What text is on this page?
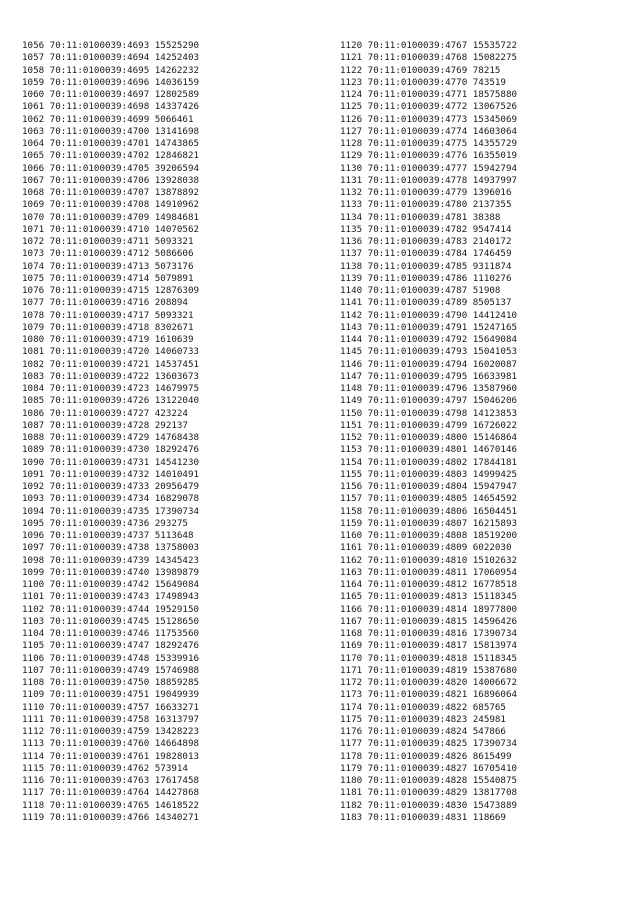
1056 70:11:0100039:4693 15525290
1057 70:11:0100039:4694 14252403
1058 70:11:0100039:4695 14262232
1059 70:11:0100039:4696 14036159
1060 70:11:0100039:4697 12802589
1061 70:11:0100039:4698 14337426
1062 70:11:0100039:4699 5066461
1063 70:11:0100039:4700 13141698
1064 70:11:0100039:4701 14743865
1065 70:11:0100039:4702 12846821
1066 70:11:0100039:4705 39206594
1067 70:11:0100039:4706 13928038
1068 70:11:0100039:4707 13878892
1069 70:11:0100039:4708 14910962
1070 70:11:0100039:4709 14984681
1071 70:11:0100039:4710 14070562
1072 70:11:0100039:4711 5093321
1073 70:11:0100039:4712 5086606
1074 70:11:0100039:4713 5073176
1075 70:11:0100039:4714 5079891
1076 70:11:0100039:4715 12876309
1077 70:11:0100039:4716 208894
1078 70:11:0100039:4717 5093321
1079 70:11:0100039:4718 8302671
1080 70:11:0100039:4719 1610639
1081 70:11:0100039:4720 14060733
1082 70:11:0100039:4721 14537451
1083 70:11:0100039:4722 13603673
1084 70:11:0100039:4723 14679975
1085 70:11:0100039:4726 13122040
1086 70:11:0100039:4727 423224
1087 70:11:0100039:4728 292137
1088 70:11:0100039:4729 14768438
1089 70:11:0100039:4730 18292476
1090 70:11:0100039:4731 14541230
1091 70:11:0100039:4732 14010491
1092 70:11:0100039:4733 20956479
1093 70:11:0100039:4734 16829078
1094 70:11:0100039:4735 17390734
1095 70:11:0100039:4736 293275
1096 70:11:0100039:4737 5113648
1097 70:11:0100039:4738 13758003
1098 70:11:0100039:4739 14345423
1099 70:11:0100039:4740 13989879
1100 70:11:0100039:4742 15649084
1101 70:11:0100039:4743 17498943
1102 70:11:0100039:4744 19529150
1103 70:11:0100039:4745 15128650
1104 70:11:0100039:4746 11753560
1105 70:11:0100039:4747 18292476
1106 70:11:0100039:4748 15339916
1107 70:11:0100039:4749 15746988
1108 70:11:0100039:4750 18859285
1109 70:11:0100039:4751 19049939
1110 70:11:0100039:4757 16633271
1111 70:11:0100039:4758 16313797
1112 70:11:0100039:4759 13428223
1113 70:11:0100039:4760 14664898
1114 70:11:0100039:4761 19828013
1115 70:11:0100039:4762 573914
1116 70:11:0100039:4763 17617458
1117 70:11:0100039:4764 14427868
1118 70:11:0100039:4765 14618522
1119 70:11:0100039:4766 14340271
1120 70:11:0100039:4767 15535722
1121 70:11:0100039:4768 15082275
1122 70:11:0100039:4769 78215
1123 70:11:0100039:4770 743519
1124 70:11:0100039:4771 18575880
1125 70:11:0100039:4772 13067526
1126 70:11:0100039:4773 15345069
1127 70:11:0100039:4774 14603064
1128 70:11:0100039:4775 14355729
1129 70:11:0100039:4776 16355019
1130 70:11:0100039:4777 15942794
1131 70:11:0100039:4778 14937997
1132 70:11:0100039:4779 1396016
1133 70:11:0100039:4780 2137355
1134 70:11:0100039:4781 38388
1135 70:11:0100039:4782 9547414
1136 70:11:0100039:4783 2140172
1137 70:11:0100039:4784 1746459
1138 70:11:0100039:4785 9311874
1139 70:11:0100039:4786 1110276
1140 70:11:0100039:4787 51908
1141 70:11:0100039:4789 8505137
1142 70:11:0100039:4790 14412410
1143 70:11:0100039:4791 15247165
1144 70:11:0100039:4792 15649084
1145 70:11:0100039:4793 15041053
1146 70:11:0100039:4794 16020087
1147 70:11:0100039:4795 16633981
1148 70:11:0100039:4796 13587960
1149 70:11:0100039:4797 15046206
1150 70:11:0100039:4798 14123853
1151 70:11:0100039:4799 16726022
1152 70:11:0100039:4800 15146864
1153 70:11:0100039:4801 14670146
1154 70:11:0100039:4802 17844181
1155 70:11:0100039:4803 14999425
1156 70:11:0100039:4804 15947947
1157 70:11:0100039:4805 14654592
1158 70:11:0100039:4806 16504451
1159 70:11:0100039:4807 16215893
1160 70:11:0100039:4808 18519200
1161 70:11:0100039:4809 6022030
1162 70:11:0100039:4810 15102632
1163 70:11:0100039:4811 17060954
1164 70:11:0100039:4812 16778518
1165 70:11:0100039:4813 15118345
1166 70:11:0100039:4814 18977800
1167 70:11:0100039:4815 14596426
1168 70:11:0100039:4816 17390734
1169 70:11:0100039:4817 15813974
1170 70:11:0100039:4818 15118345
1171 70:11:0100039:4819 15387680
1172 70:11:0100039:4820 14006672
1173 70:11:0100039:4821 16896064
1174 70:11:0100039:4822 685765
1175 70:11:0100039:4823 245981
1176 70:11:0100039:4824 547866
1177 70:11:0100039:4825 17390734
1178 70:11:0100039:4826 8615499
1179 70:11:0100039:4827 16705410
1180 70:11:0100039:4828 15540875
1181 70:11:0100039:4829 13817708
1182 70:11:0100039:4830 15473889
1183 70:11:0100039:4831 118669
